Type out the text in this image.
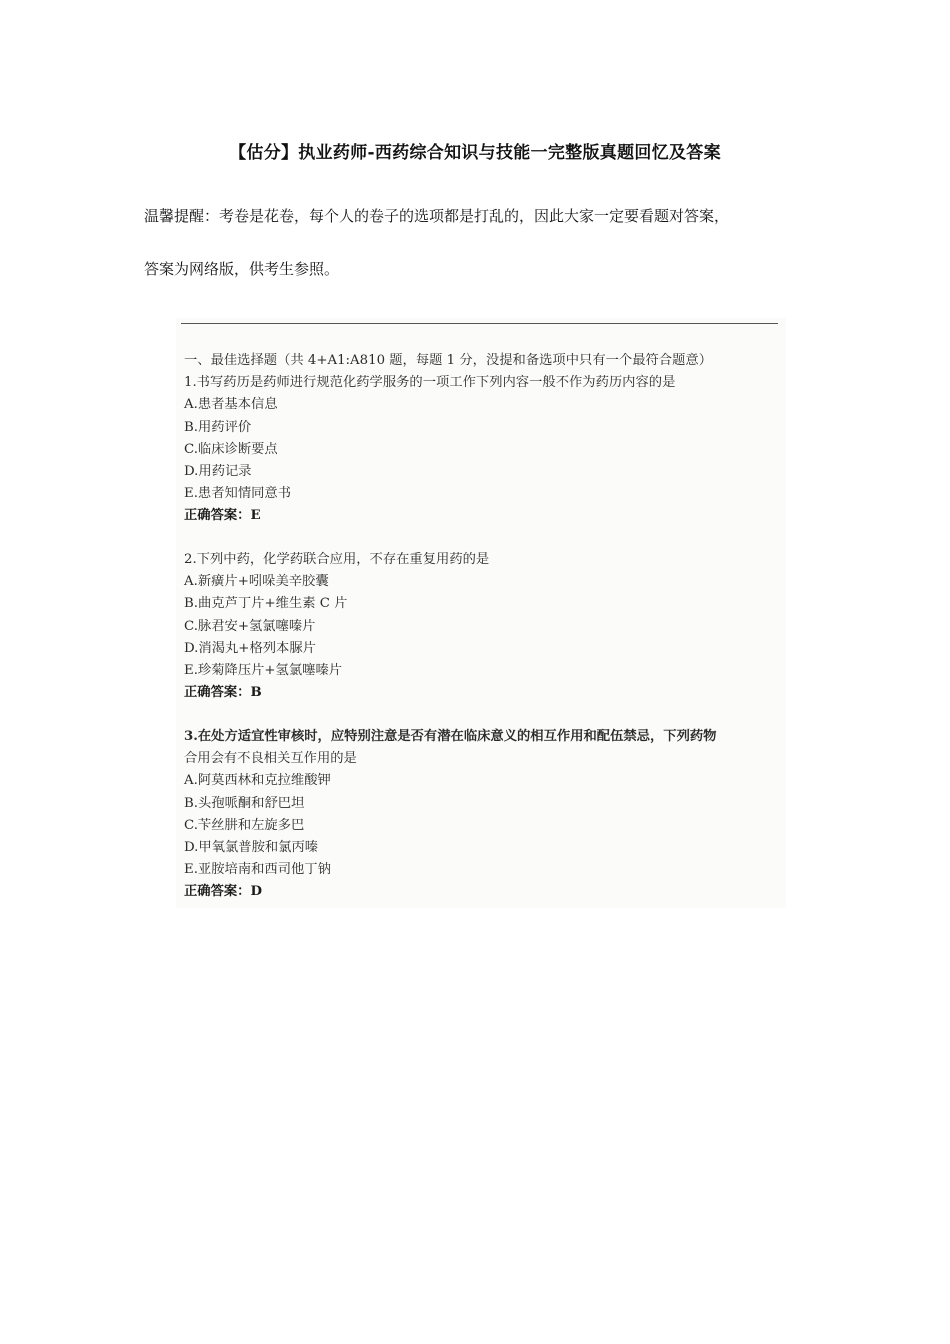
【估分】执业药师-西药综合知识与技能一完整版真题回忆及答案
温馨提醒：考卷是花卷，每个人的卷子的选项都是打乱的，因此大家一定要看题对答案，
答案为网络版，供考生参照。
一、最佳选择题（共 4+A1:A810 题，每题 1 分，没提和备选项中只有一个最符合题意）
1.书写药历是药师进行规范化药学服务的一项工作下列内容一般不作为药历内容的是
A.患者基本信息
B.用药评价
C.临床诊断要点
D.用药记录
E.患者知情同意书
正确答案：E
2.下列中药，化学药联合应用，不存在重复用药的是
A.新癀片+吲哚美辛胶囊
B.曲克芦丁片+维生素 C 片
C.脉君安+氢氯噻嗪片
D.消渴丸+格列本脲片
E.珍菊降压片+氢氯噻嗪片
正确答案：B
3.在处方适宜性审核时，应特别注意是否有潜在临床意义的相互作用和配伍禁忌，下列药物
合用会有不良相关互作用的是
A.阿莫西林和克拉维酸钾
B.头孢哌酮和舒巴坦
C.苄丝肼和左旋多巴
D.甲氧氯普胺和氯丙嗪
E.亚胺培南和西司他丁钠
正确答案：D
